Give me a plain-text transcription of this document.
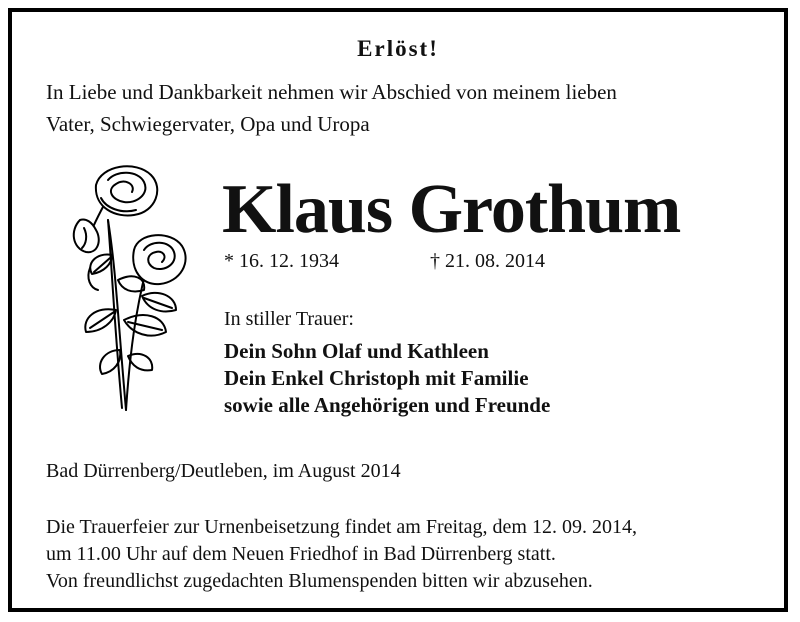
Erlöst!
In Liebe und Dankbarkeit nehmen wir Abschied von meinem lieben
Vater, Schwiegervater, Opa und Uropa
Klaus Grothum
* 16. 12. 1934	† 21. 08. 2014
In stiller Trauer:
Dein Sohn Olaf und Kathleen
Dein Enkel Christoph mit Familie
sowie alle Angehörigen und Freunde
Bad Dürrenberg/Deutleben, im August 2014
Die Trauerfeier zur Urnenbeisetzung findet am Freitag, dem 12. 09. 2014,
um 11.00 Uhr auf dem Neuen Friedhof in Bad Dürrenberg statt.
Von freundlichst zugedachten Blumenspenden bitten wir abzusehen.
